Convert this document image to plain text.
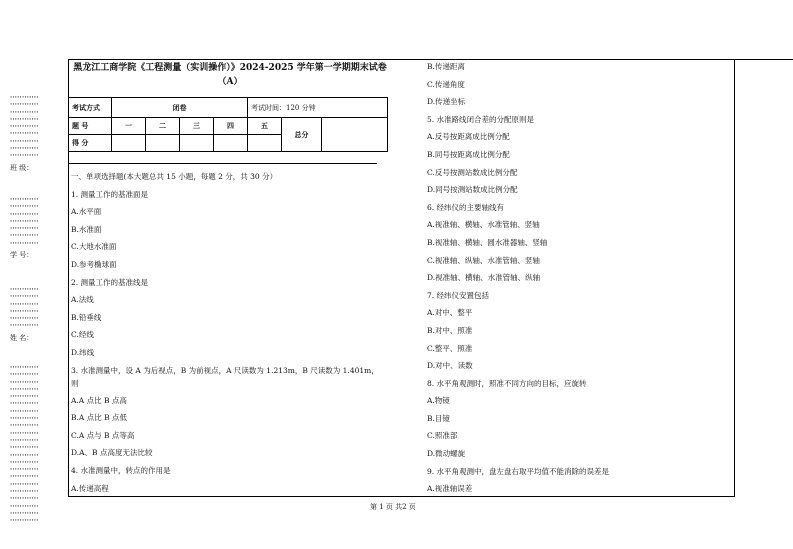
············
············
············
············
············
············
············
············
············
班 级：
············
············
············
············
············
············
············
学 号：
············
············
············
············
············
············
姓 名：
············
············
············
············
············
············
············
············
············
············
············
············
············
············
············
············
············
············
············
············
············
············
黑龙江工商学院《工程测量（实训操作）》2024-2025 学年第一学期期末试卷（A）
考试方式	闭卷				考试时间：120 分钟		
题 号	一	二	三	四	五	总分	
得 分							
一、单项选择题(本大题总共 15 小题，每题 2 分，共 30 分）
1. 测量工作的基准面是
A.水平面
B.水准面
C.大地水准面
D.参考椭球面
2. 测量工作的基准线是
A.法线
B.铅垂线
C.经线
D.纬线
3. 水准测量中，设 A 为后视点，B 为前视点，A 尺读数为 1.213m，B 尺读数为 1.401m，则
A.A 点比 B 点高
B.A 点比 B 点低
C.A 点与 B 点等高
D.A、B 点高度无法比较
4. 水准测量中，转点的作用是
A.传递高程
B.传递距离
C.传递角度
D.传递坐标
5. 水准路线闭合差的分配原则是
A.反号按距离成比例分配
B.同号按距离成比例分配
C.反号按测站数成比例分配
D.同号按测站数成比例分配
6. 经纬仪的主要轴线有
A.视准轴、横轴、水准管轴、竖轴
B.视准轴、横轴、圆水准器轴、竖轴
C.视准轴、纵轴、水准管轴、竖轴
D.视准轴、横轴、水准管轴、纵轴
7. 经纬仪安置包括
A.对中、整平
B.对中、照准
C.整平、照准
D.对中、读数
8. 水平角观测时，照准不同方向的目标，应旋转
A.物镜
B.目镜
C.照准部
D.微动螺旋
9. 水平角观测中，盘左盘右取平均值不能消除的误差是
A.视准轴误差
第 1 页 共2 页
